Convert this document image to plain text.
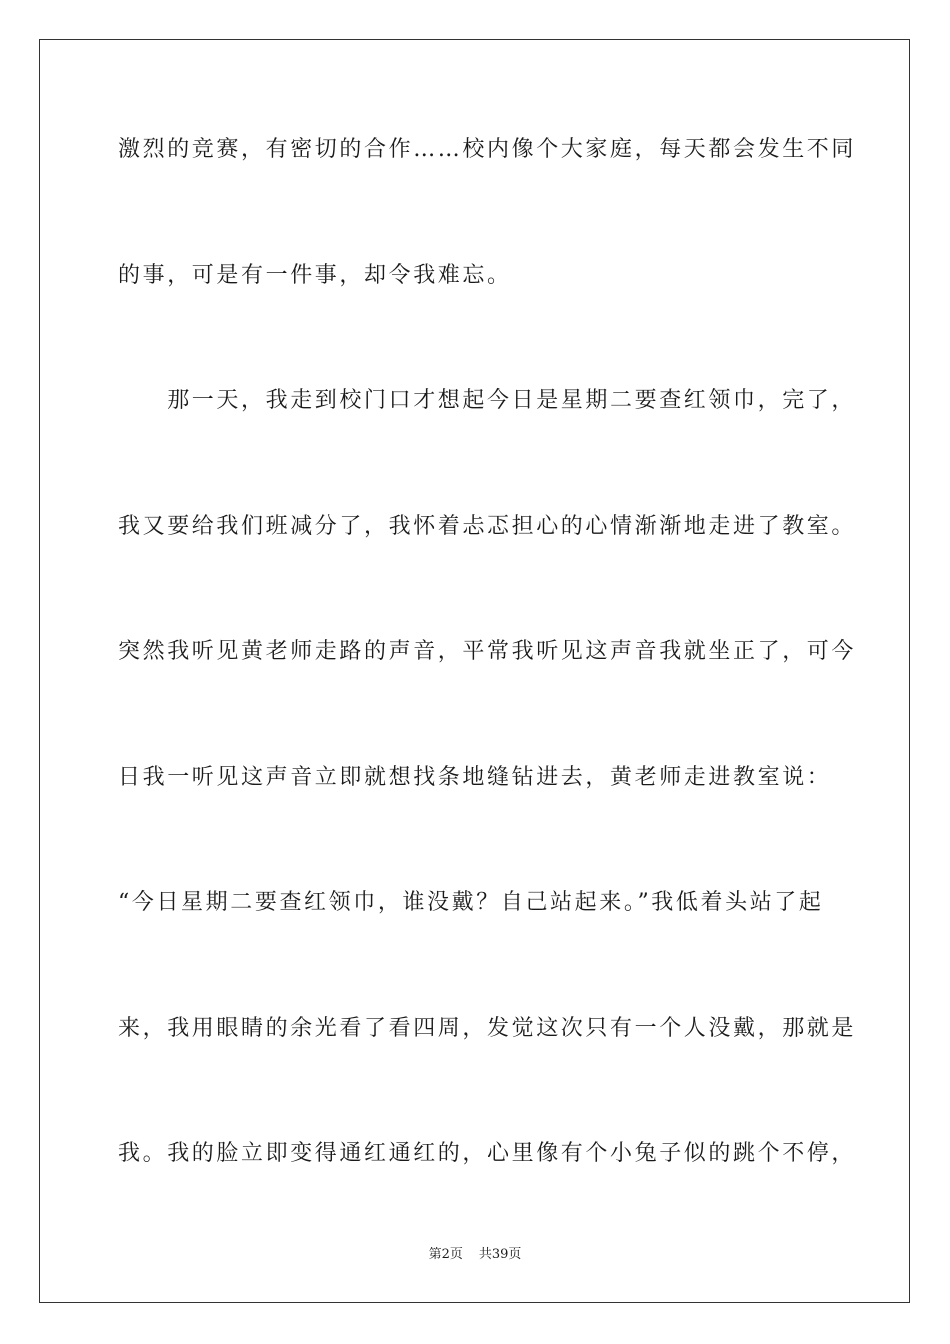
激烈的竞赛，有密切的合作……校内像个大家庭，每天都会发生不同
的事，可是有一件事，却令我难忘。
　　那一天，我走到校门口才想起今日是星期二要查红领巾，完了，
我又要给我们班减分了，我怀着忐忑担心的心情渐渐地走进了教室。
突然我听见黄老师走路的声音，平常我听见这声音我就坐正了，可今
日我一听见这声音立即就想找条地缝钻进去，黄老师走进教室说：
“今日星期二要查红领巾，谁没戴？自己站起来。”我低着头站了起
来，我用眼睛的余光看了看四周，发觉这次只有一个人没戴，那就是
我。我的脸立即变得通红通红的，心里像有个小兔子似的跳个不停，
第2页 共39页
